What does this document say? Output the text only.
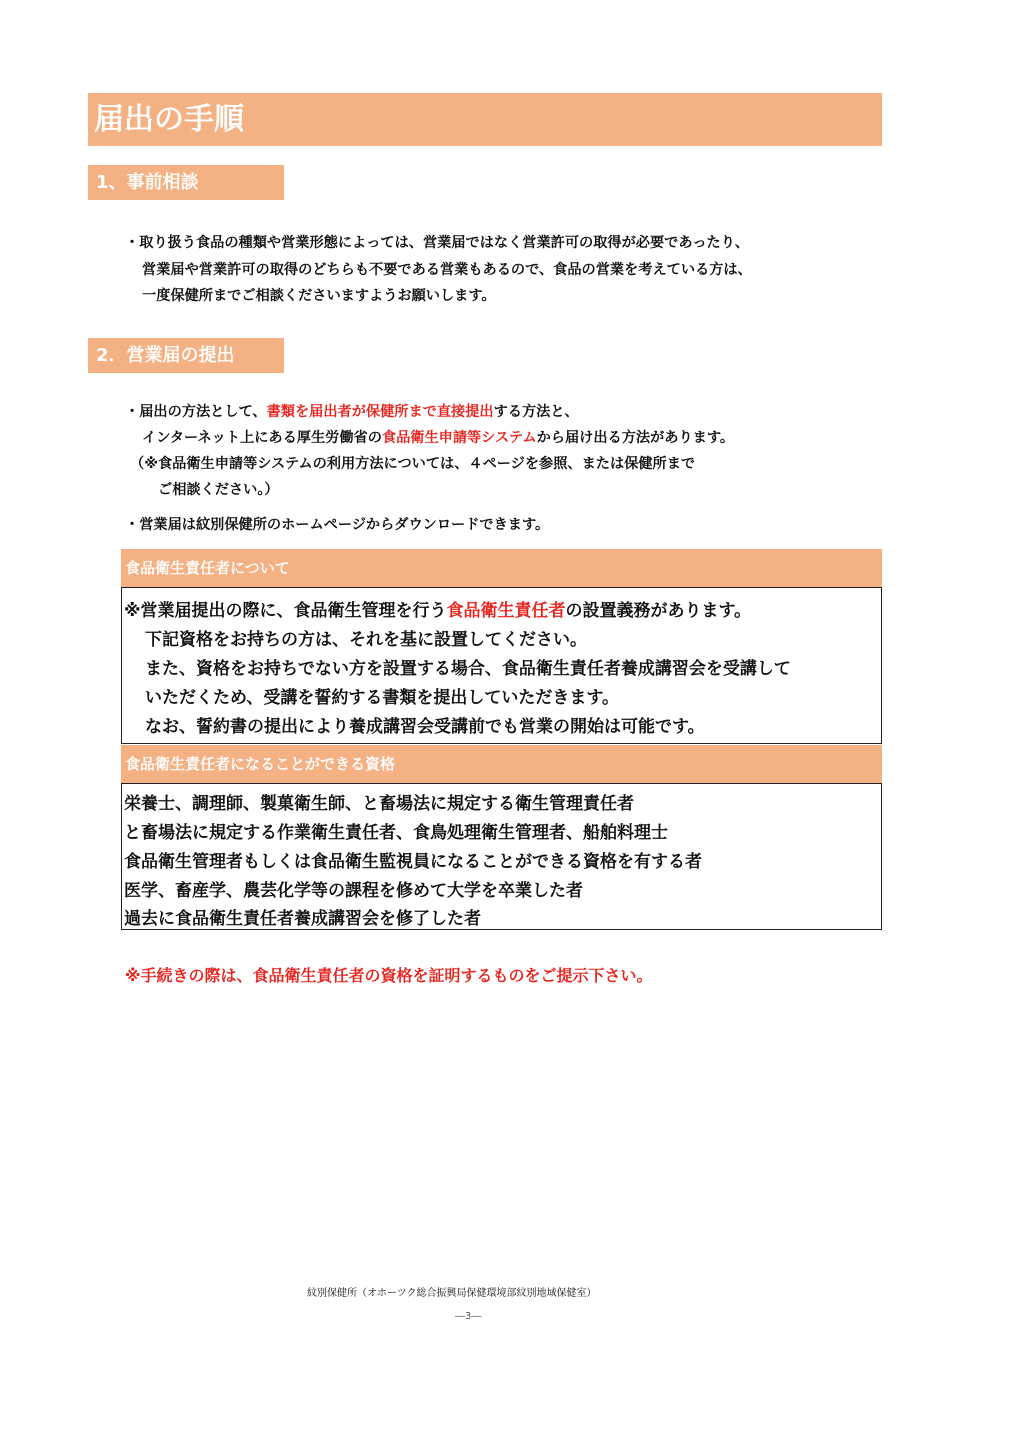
届出の手順
1、事前相談
・取り扱う食品の種類や営業形態によっては、営業届ではなく営業許可の取得が必要であったり、
営業届や営業許可の取得のどちらも不要である営業もあるので、食品の営業を考えている方は、
一度保健所までご相談くださいますようお願いします。
2．営業届の提出
・届出の方法として、書類を届出者が保健所まで直接提出する方法と、
インターネット上にある厚生労働省の食品衛生申請等システムから届け出る方法があります。
（※食品衛生申請等システムの利用方法については、４ページを参照、または保健所まで
ご相談ください。）
・営業届は紋別保健所のホームページからダウンロードできます。
食品衛生責任者について
※営業届提出の際に、食品衛生管理を行う食品衛生責任者の設置義務があります。
下記資格をお持ちの方は、それを基に設置してください。
また、資格をお持ちでない方を設置する場合、食品衛生責任者養成講習会を受講して
いただくため、受講を誓約する書類を提出していただきます。
なお、誓約書の提出により養成講習会受講前でも営業の開始は可能です。
食品衛生責任者になることができる資格
栄養士、調理師、製菓衛生師、と畜場法に規定する衛生管理責任者
と畜場法に規定する作業衛生責任者、食鳥処理衛生管理者、船舶料理士
食品衛生管理者もしくは食品衛生監視員になることができる資格を有する者
医学、畜産学、農芸化学等の課程を修めて大学を卒業した者
過去に食品衛生責任者養成講習会を修了した者
※手続きの際は、食品衛生責任者の資格を証明するものをご提示下さい。
紋別保健所（オホーツク総合振興局保健環境部紋別地域保健室）
―3―
